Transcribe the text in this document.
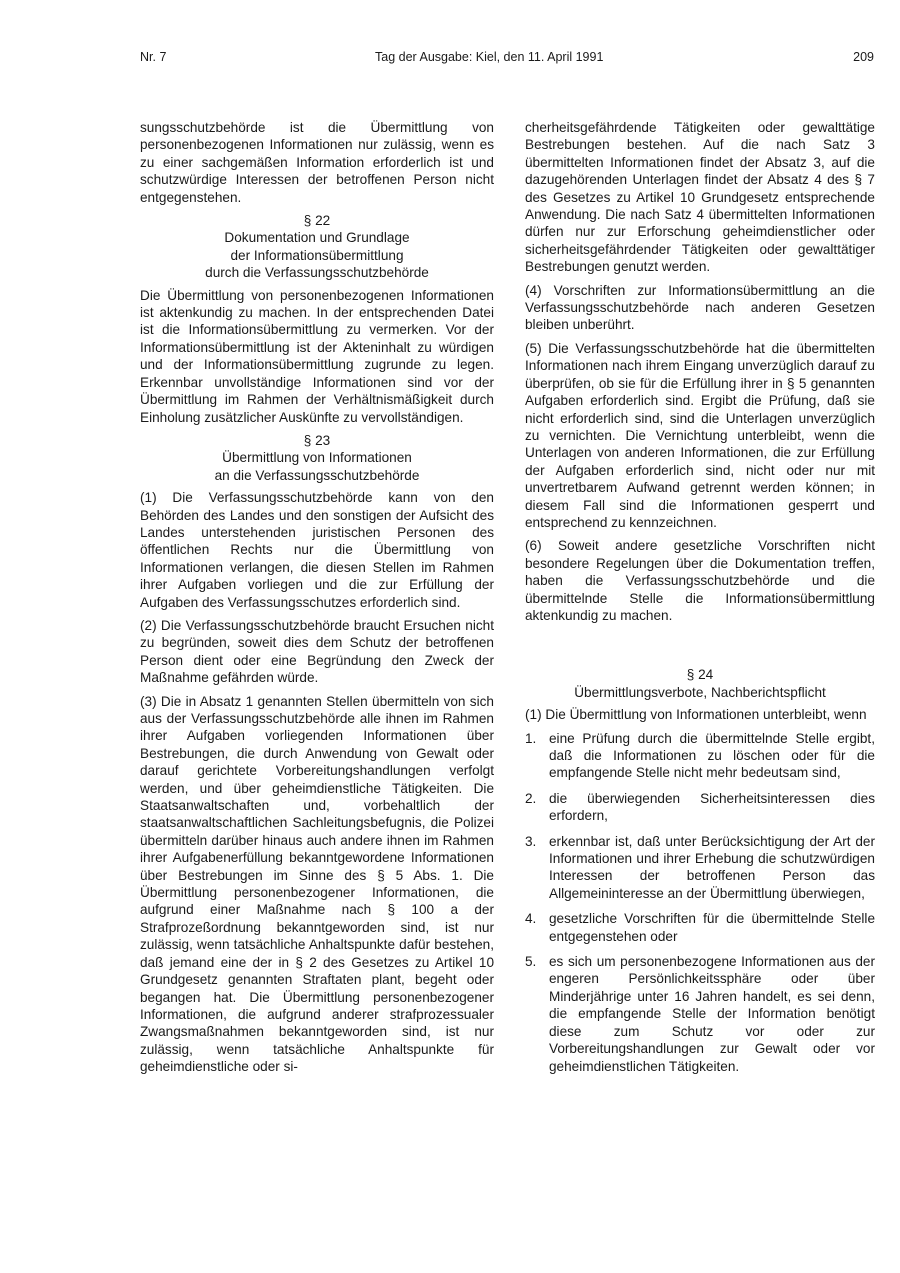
Nr. 7	Tag der Ausgabe: Kiel, den 11. April 1991	209

sungsschutzbehörde ist die Übermittlung von personenbezogenen Informationen nur zulässig, wenn es zu einer sachgemäßen Information erforderlich ist und schutzwürdige Interessen der betroffenen Person nicht entgegenstehen.

§ 22
Dokumentation und Grundlage
der Informationsübermittlung
durch die Verfassungsschutzbehörde

Die Übermittlung von personenbezogenen Informationen ist aktenkundig zu machen. In der entsprechenden Datei ist die Informationsübermittlung zu vermerken. Vor der Informationsübermittlung ist der Akteninhalt zu würdigen und der Informationsübermittlung zugrunde zu legen. Erkennbar unvollständige Informationen sind vor der Übermittlung im Rahmen der Verhältnismäßigkeit durch Einholung zusätzlicher Auskünfte zu vervollständigen.

§ 23
Übermittlung von Informationen
an die Verfassungsschutzbehörde

(1) Die Verfassungsschutzbehörde kann von den Behörden des Landes und den sonstigen der Aufsicht des Landes unterstehenden juristischen Personen des öffentlichen Rechts nur die Übermittlung von Informationen verlangen, die diesen Stellen im Rahmen ihrer Aufgaben vorliegen und die zur Erfüllung der Aufgaben des Verfassungsschutzes erforderlich sind.

(2) Die Verfassungsschutzbehörde braucht Ersuchen nicht zu begründen, soweit dies dem Schutz der betroffenen Person dient oder eine Begründung den Zweck der Maßnahme gefährden würde.

(3) Die in Absatz 1 genannten Stellen übermitteln von sich aus der Verfassungsschutzbehörde alle ihnen im Rahmen ihrer Aufgaben vorliegenden Informationen über Bestrebungen, die durch Anwendung von Gewalt oder darauf gerichtete Vorbereitungshandlungen verfolgt werden, und über geheimdienstliche Tätigkeiten. Die Staatsanwaltschaften und, vorbehaltlich der staatsanwaltschaftlichen Sachleitungsbefugnis, die Polizei übermitteln darüber hinaus auch andere ihnen im Rahmen ihrer Aufgabenerfüllung bekanntgewordene Informationen über Bestrebungen im Sinne des § 5 Abs. 1. Die Übermittlung personenbezogener Informationen, die aufgrund einer Maßnahme nach § 100 a der Strafprozeßordnung bekanntgeworden sind, ist nur zulässig, wenn tatsächliche Anhaltspunkte dafür bestehen, daß jemand eine der in § 2 des Gesetzes zu Artikel 10 Grundgesetz genannten Straftaten plant, begeht oder begangen hat. Die Übermittlung personenbezogener Informationen, die aufgrund anderer strafprozessualer Zwangsmaßnahmen bekanntgeworden sind, ist nur zulässig, wenn tatsächliche Anhaltspunkte für geheimdienstliche oder si-

cherheitsgefährdende Tätigkeiten oder gewalttätige Bestrebungen bestehen. Auf die nach Satz 3 übermittelten Informationen findet der Absatz 3, auf die dazugehörenden Unterlagen findet der Absatz 4 des § 7 des Gesetzes zu Artikel 10 Grundgesetz entsprechende Anwendung. Die nach Satz 4 übermittelten Informationen dürfen nur zur Erforschung geheimdienstlicher oder sicherheitsgefährdender Tätigkeiten oder gewalttätiger Bestrebungen genutzt werden.

(4) Vorschriften zur Informationsübermittlung an die Verfassungsschutzbehörde nach anderen Gesetzen bleiben unberührt.

(5) Die Verfassungsschutzbehörde hat die übermittelten Informationen nach ihrem Eingang unverzüglich darauf zu überprüfen, ob sie für die Erfüllung ihrer in § 5 genannten Aufgaben erforderlich sind. Ergibt die Prüfung, daß sie nicht erforderlich sind, sind die Unterlagen unverzüglich zu vernichten. Die Vernichtung unterbleibt, wenn die Unterlagen von anderen Informationen, die zur Erfüllung der Aufgaben erforderlich sind, nicht oder nur mit unvertretbarem Aufwand getrennt werden können; in diesem Fall sind die Informationen gesperrt und entsprechend zu kennzeichnen.

(6) Soweit andere gesetzliche Vorschriften nicht besondere Regelungen über die Dokumentation treffen, haben die Verfassungsschutzbehörde und die übermittelnde Stelle die Informationsübermittlung aktenkundig zu machen.

§ 24
Übermittlungsverbote, Nachberichtspflicht

(1) Die Übermittlung von Informationen unterbleibt, wenn

1. eine Prüfung durch die übermittelnde Stelle ergibt, daß die Informationen zu löschen oder für die empfangende Stelle nicht mehr bedeutsam sind,
2. die überwiegenden Sicherheitsinteressen dies erfordern,
3. erkennbar ist, daß unter Berücksichtigung der Art der Informationen und ihrer Erhebung die schutzwürdigen Interessen der betroffenen Person das Allgemeininteresse an der Übermittlung überwiegen,
4. gesetzliche Vorschriften für die übermittelnde Stelle entgegenstehen oder
5. es sich um personenbezogene Informationen aus der engeren Persönlichkeitssphäre oder über Minderjährige unter 16 Jahren handelt, es sei denn, die empfangende Stelle der Information benötigt diese zum Schutz vor oder zur Vorbereitungshandlungen zur Gewalt oder vor geheimdienstlichen Tätigkeiten.
